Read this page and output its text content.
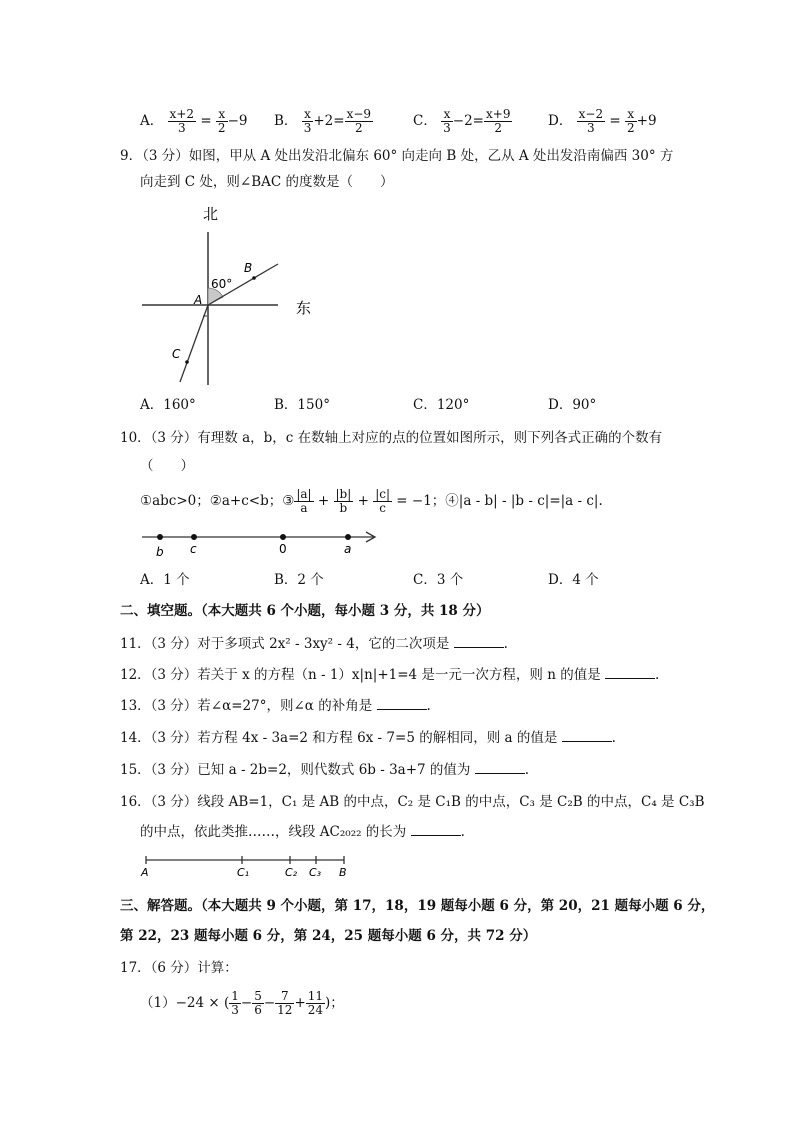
A． $\frac{x+2}{3} = \frac{x}{2} -9$ B． $\frac{x}{3} +2= \frac{x-9}{2}$	C． $\frac{x}{3} -2= \frac{x+9}{2}$	D． $\frac{x-2}{3} = \frac{x}{2} +9$
9．（3 分）如图，甲从 A 处出发沿北偏东 60° 向走向 B 处，乙从 A 处出发沿南偏西 30° 方
向走到 C 处，则∠BAC 的度数是（　　）
北
东
60°
B
A
C
A．160°	B．150°	C．120°	D．90°
10．（3 分）有理数 a，b，c 在数轴上对应的点的位置如图所示，则下列各式正确的个数有
（　　）
①abc>0；②a+c<b；③ $\frac{|a|}{a} + \frac{|b|}{b} + \frac{|c|}{c} = -1$；④|a - b| - |b - c|=|a - c|.
b c	0	a
A．1 个	B．2 个	C．3 个	D．4 个
二、填空题。（本大题共 6 个小题，每小题 3 分，共 18 分）
11．（3 分）对于多项式 2x² - 3xy² - 4，它的二次项是	.
12．（3 分）若关于 x 的方程（n - 1）x|n|+1=4 是一元一次方程，则 n 的值是	.
13．（3 分）若∠α=27°，则∠α 的补角是	.
14．（3 分）若方程 4x - 3a=2 和方程 6x - 7=5 的解相同，则 a 的值是	.
15．（3 分）已知 a - 2b=2，则代数式 6b - 3a+7 的值为	.
16．（3 分）线段 AB=1，C₁ 是 AB 的中点，C₂ 是 C₁B 的中点，C₃ 是 C₂B 的中点，C₄ 是 C₃B
的中点，依此类推……，线段 AC₂₀₂₂ 的长为	.
A	C₁	C₂ C₃ B
三、解答题。（本大题共 9 个小题，第 17，18，19 题每小题 6 分，第 20，21 题每小题 6 分，
第 22，23 题每小题 6 分，第 24，25 题每小题 6 分，共 72 分）
17．（6 分）计算：
（1）−24 × ( $\frac{1}{3} - \frac{5}{6} - \frac{7}{12} + \frac{11}{24}$ )；
